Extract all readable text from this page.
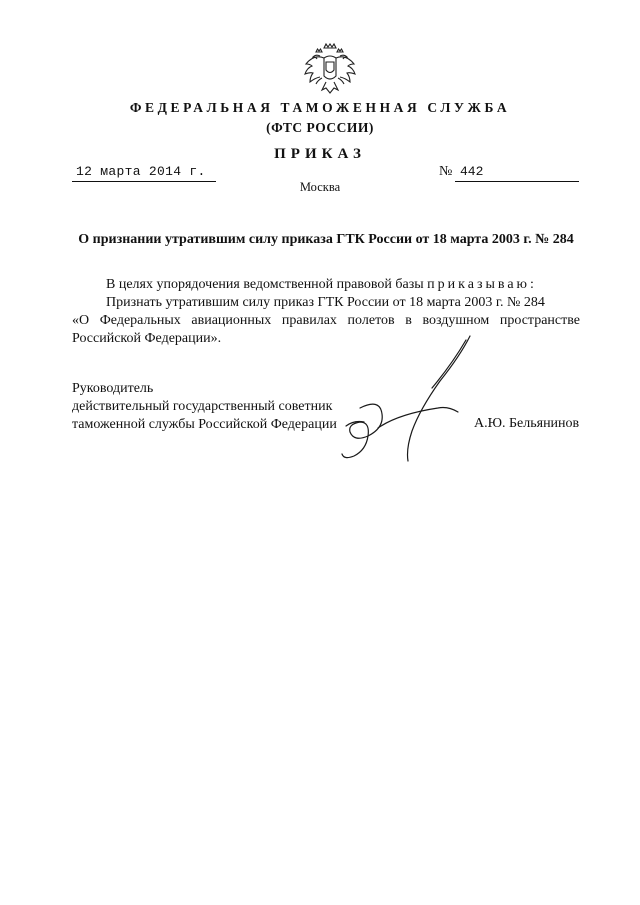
ФЕДЕРАЛЬНАЯ ТАМОЖЕННАЯ СЛУЖБА
(ФТС РОССИИ)
ПРИКАЗ
12 марта 2014 г.	№ 442
Москва
О признании утратившим силу приказа ГТК России от 18 марта 2003 г. № 284
В целях упорядочения ведомственной правовой базы приказываю:
Признать утратившим силу приказ ГТК России от 18 марта 2003 г. № 284
«О Федеральных авиационных правилах полетов в воздушном пространстве
Российской Федерации».
Руководитель
действительный государственный советник
таможенной службы Российской Федерации	А.Ю. Бельянинов
